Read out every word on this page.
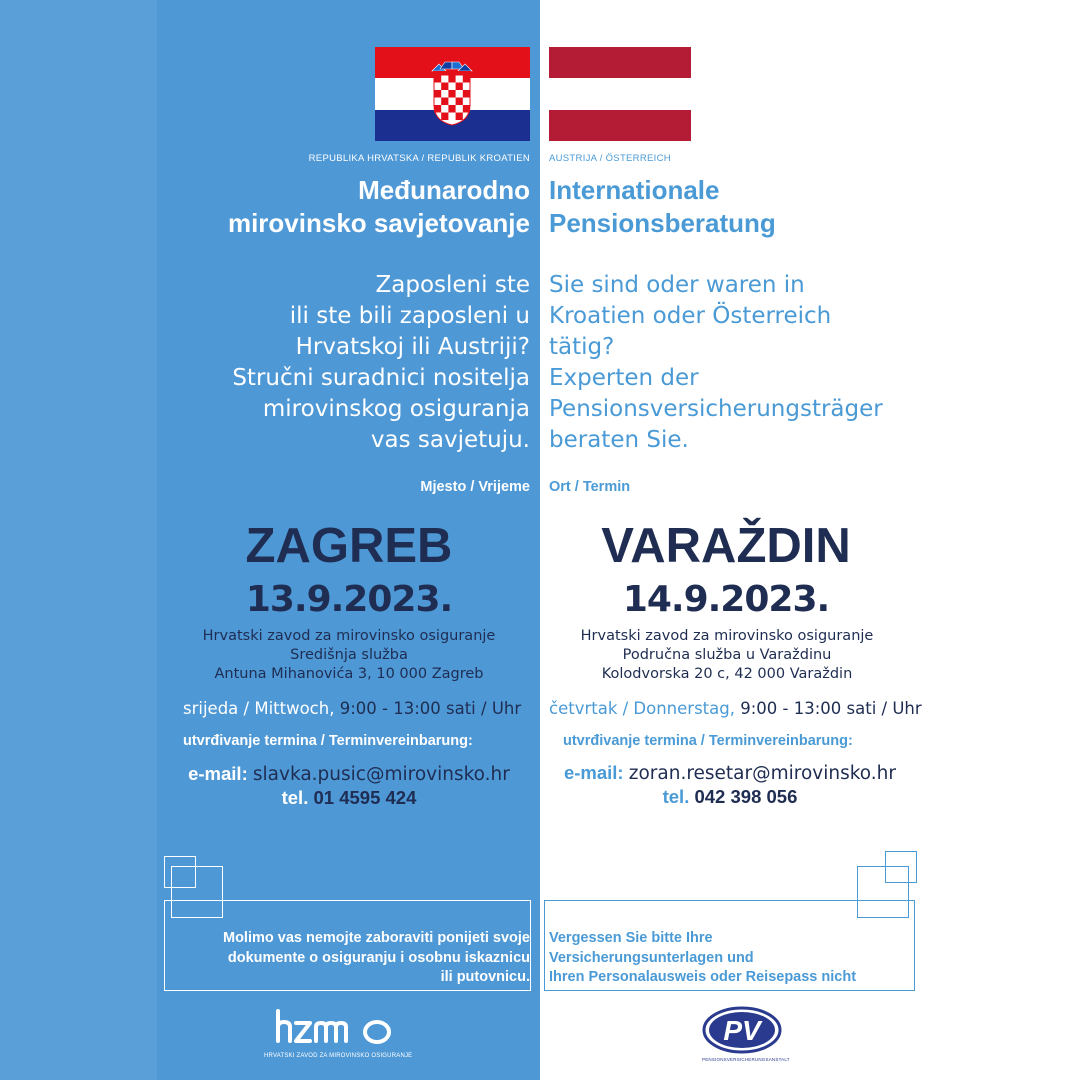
REPUBLIKA HRVATSKA / REPUBLIK KROATIEN AUSTRIJA / ÖSTERREICH
Međunarodno
mirovinsko savjetovanje
Internationale
Pensionsberatung
Zaposleni ste
ili ste bili zaposleni u
Hrvatskoj ili Austriji?
Stručni suradnici nositelja
mirovinskog osiguranja
vas savjetuju.
Sie sind oder waren in
Kroatien oder Österreich
tätig?
Experten der
Pensionsversicherungsträger
beraten Sie.
Mjesto / Vrijeme Ort / Termin
ZAGREB	VARAŽDIN
13.9.2023.	14.9.2023.
Hrvatski zavod za mirovinsko osiguranje
Središnja služba
Antuna Mihanovića 3, 10 000 Zagreb
Hrvatski zavod za mirovinsko osiguranje
Područna služba u Varaždinu
Kolodvorska 20 c, 42 000 Varaždin
srijeda / Mittwoch, 9:00 - 13:00 sati / Uhr četvrtak / Donnerstag, 9:00 - 13:00 sati / Uhr
utvrđivanje termina / Terminvereinbarung:	utvrđivanje termina / Terminvereinbarung:
e-mail: slavka.pusic@mirovinsko.hr
tel. 01 4595 424
e-mail: zoran.resetar@mirovinsko.hr
tel. 042 398 056
Molimo vas nemojte zaboraviti ponijeti svoje
dokumente o osiguranju i osobnu iskaznicu
ili putovnicu.
Vergessen Sie bitte Ihre
Versicherungsunterlagen und
Ihren Personalausweis oder Reisepass nicht
HRVATSKI ZAVOD ZA MIROVINSKO OSIGURANJE
PV
PENSIONSVERSICHERUNGSANSTALT
